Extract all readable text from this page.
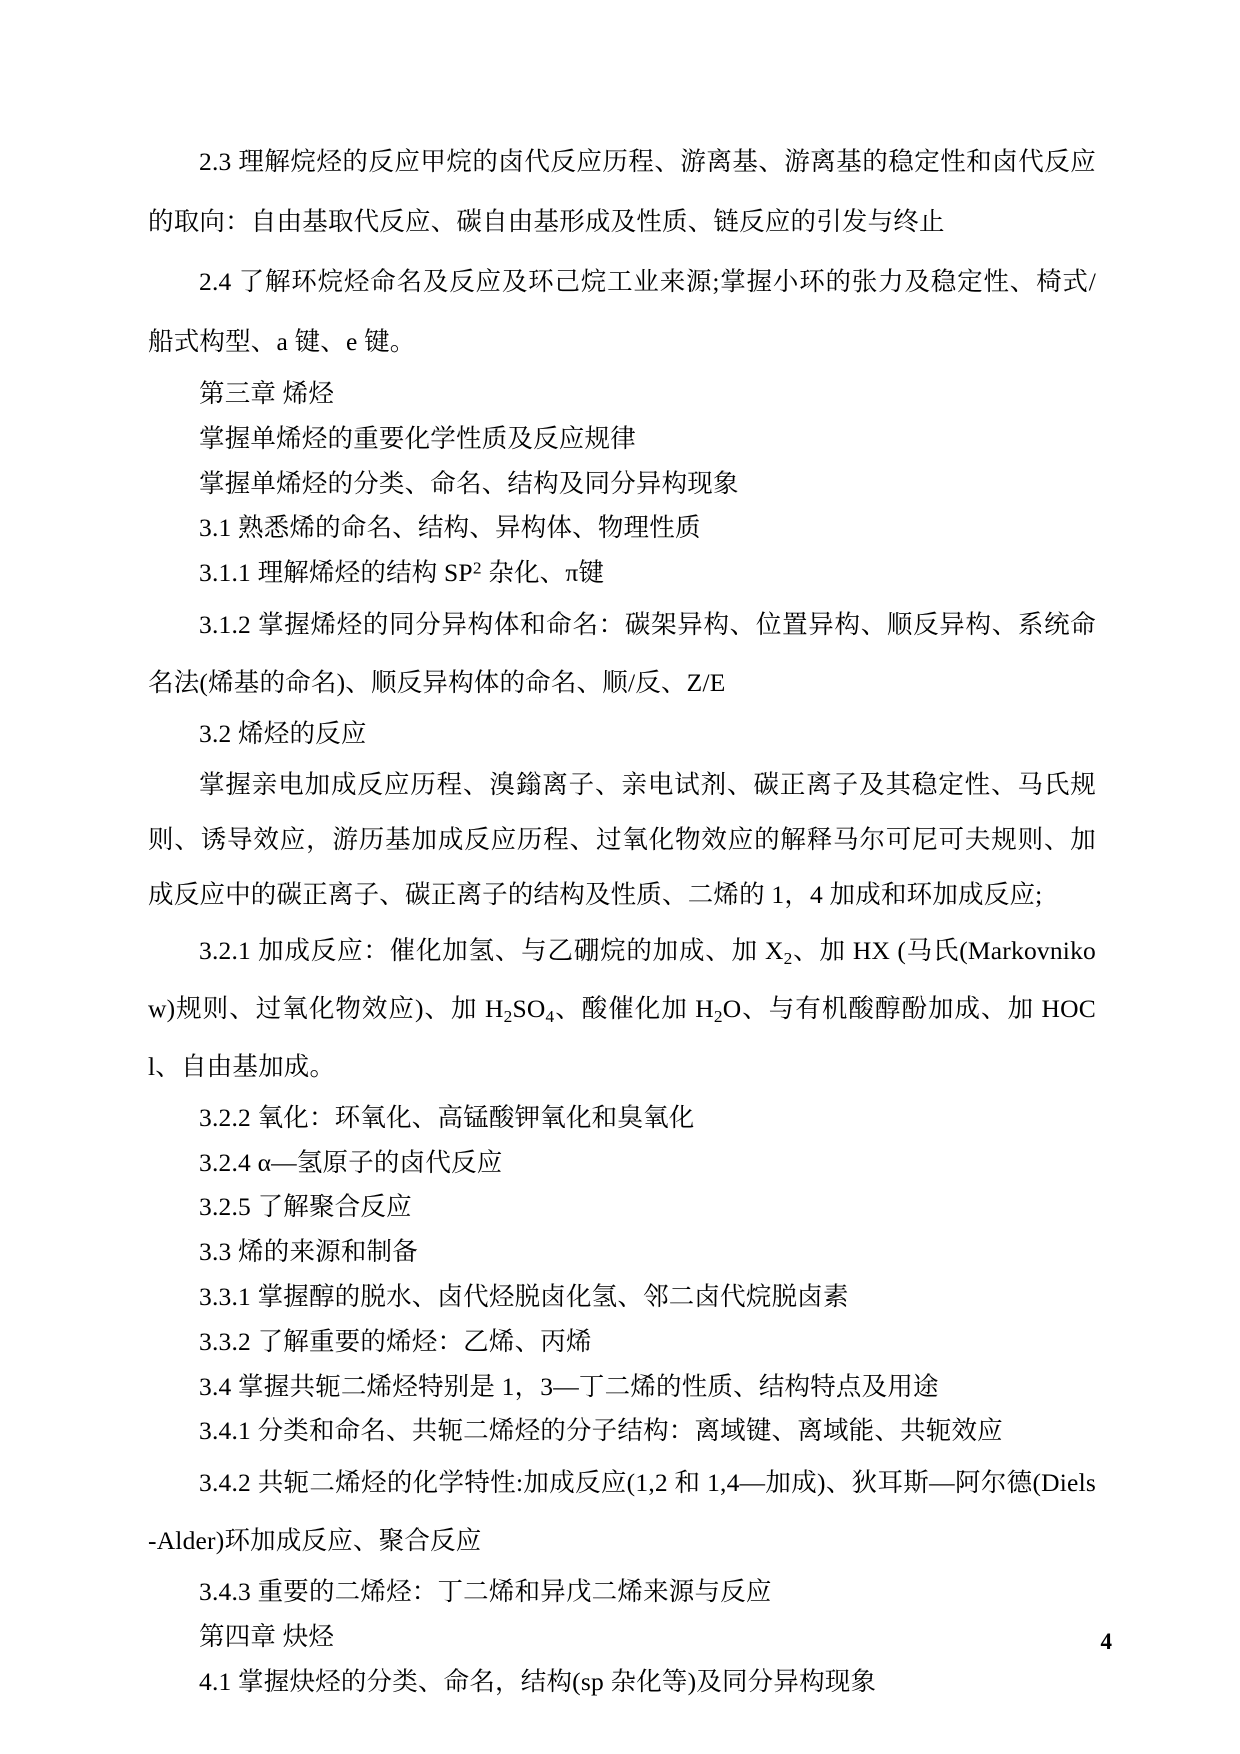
2.3 理解烷烃的反应甲烷的卤代反应历程、游离基、游离基的稳定性和卤代反应的取向：自由基取代反应、碳自由基形成及性质、链反应的引发与终止

2.4 了解环烷烃命名及反应及环己烷工业来源;掌握小环的张力及稳定性、椅式/船式构型、a 键、e 键。

第三章 烯烃

掌握单烯烃的重要化学性质及反应规律

掌握单烯烃的分类、命名、结构及同分异构现象

3.1 熟悉烯的命名、结构、异构体、物理性质

3.1.1 理解烯烃的结构 $SP^2$ 杂化、π键

3.1.2 掌握烯烃的同分异构体和命名：碳架异构、位置异构、顺反异构、系统命名法(烯基的命名)、顺反异构体的命名、顺/反、Z/E

3.2 烯烃的反应

掌握亲电加成反应历程、溴鎓离子、亲电试剂、碳正离子及其稳定性、马氏规则、诱导效应，游历基加成反应历程、过氧化物效应的解释马尔可尼可夫规则、加成反应中的碳正离子、碳正离子的结构及性质、二烯的 1，4 加成和环加成反应;

3.2.1 加成反应：催化加氢、与乙硼烷的加成、加 $X_2$、加 HX (马氏(Markovnikow)规则、过氧化物效应)、加 $H_2SO_4$、酸催化加 $H_2O$、与有机酸醇酚加成、加 HOCl、自由基加成。

3.2.2 氧化：环氧化、高锰酸钾氧化和臭氧化

3.2.4 α—氢原子的卤代反应

3.2.5 了解聚合反应

3.3 烯的来源和制备

3.3.1 掌握醇的脱水、卤代烃脱卤化氢、邻二卤代烷脱卤素

3.3.2 了解重要的烯烃：乙烯、丙烯

3.4 掌握共轭二烯烃特别是 1，3—丁二烯的性质、结构特点及用途

3.4.1 分类和命名、共轭二烯烃的分子结构：离域键、离域能、共轭效应

3.4.2 共轭二烯烃的化学特性:加成反应(1,2 和 1,4—加成)、狄耳斯—阿尔德(Diels-Alder)环加成反应、聚合反应

3.4.3 重要的二烯烃：丁二烯和异戊二烯来源与反应

第四章 炔烃

4.1 掌握炔烃的分类、命名，结构(sp 杂化等)及同分异构现象

4
